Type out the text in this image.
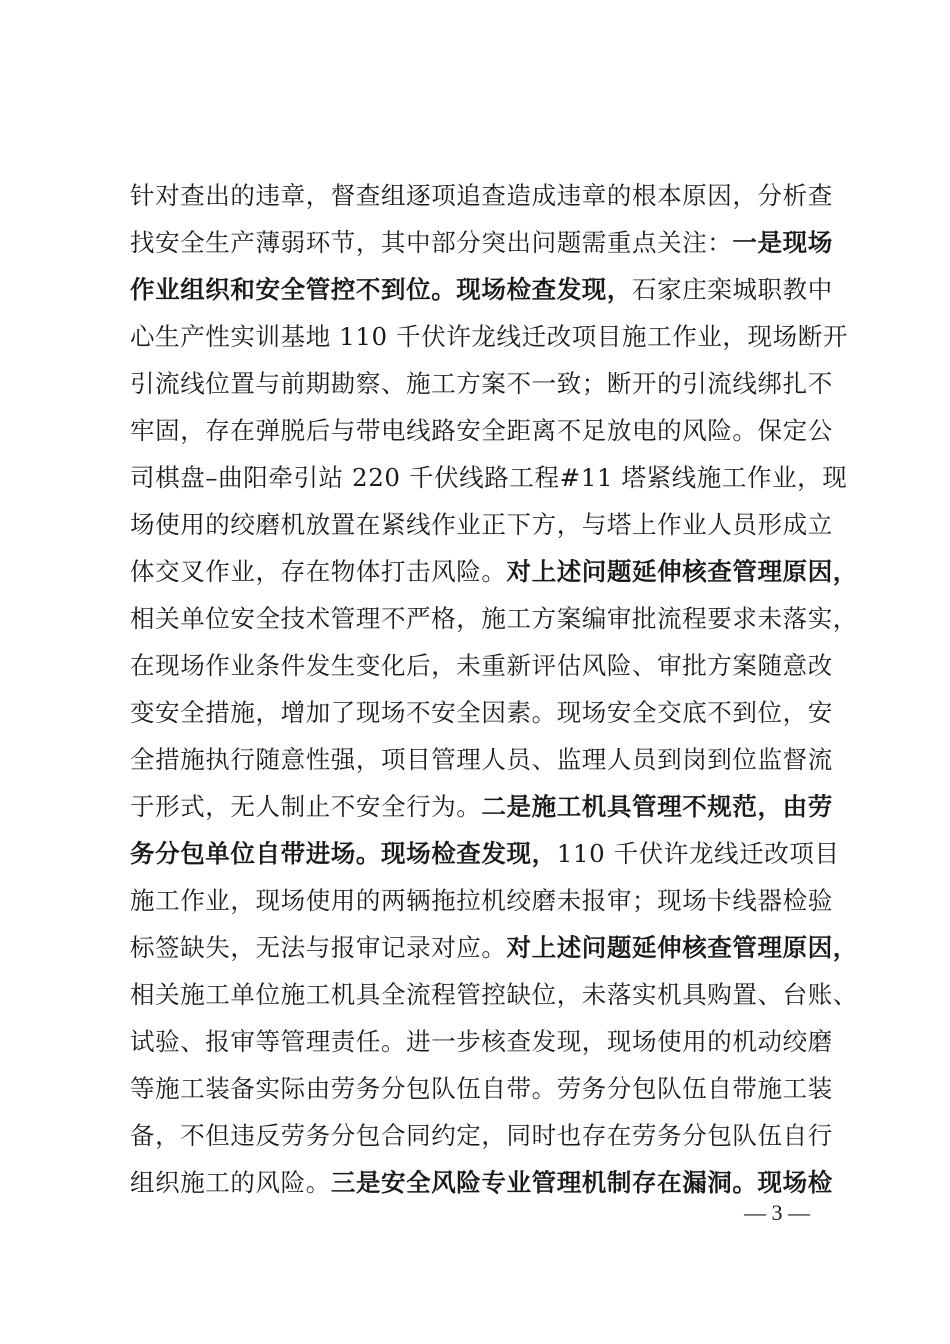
针对查出的违章，督查组逐项追查造成违章的根本原因，分析查
找安全生产薄弱环节，其中部分突出问题需重点关注：一是现场
作业组织和安全管控不到位。现场检查发现，石家庄栾城职教中
心生产性实训基地 110 千伏许龙线迁改项目施工作业，现场断开
引流线位置与前期勘察、施工方案不一致；断开的引流线绑扎不
牢固，存在弹脱后与带电线路安全距离不足放电的风险。保定公
司棋盘–曲阳牵引站 220 千伏线路工程#11 塔紧线施工作业，现
场使用的绞磨机放置在紧线作业正下方，与塔上作业人员形成立
体交叉作业，存在物体打击风险。对上述问题延伸核查管理原因，
相关单位安全技术管理不严格，施工方案编审批流程要求未落实，
在现场作业条件发生变化后，未重新评估风险、审批方案随意改
变安全措施，增加了现场不安全因素。现场安全交底不到位，安
全措施执行随意性强，项目管理人员、监理人员到岗到位监督流
于形式，无人制止不安全行为。二是施工机具管理不规范，由劳
务分包单位自带进场。现场检查发现，110 千伏许龙线迁改项目
施工作业，现场使用的两辆拖拉机绞磨未报审；现场卡线器检验
标签缺失，无法与报审记录对应。对上述问题延伸核查管理原因，
相关施工单位施工机具全流程管控缺位，未落实机具购置、台账、
试验、报审等管理责任。进一步核查发现，现场使用的机动绞磨
等施工装备实际由劳务分包队伍自带。劳务分包队伍自带施工装
备，不但违反劳务分包合同约定，同时也存在劳务分包队伍自行
组织施工的风险。三是安全风险专业管理机制存在漏洞。现场检
— 3 —
